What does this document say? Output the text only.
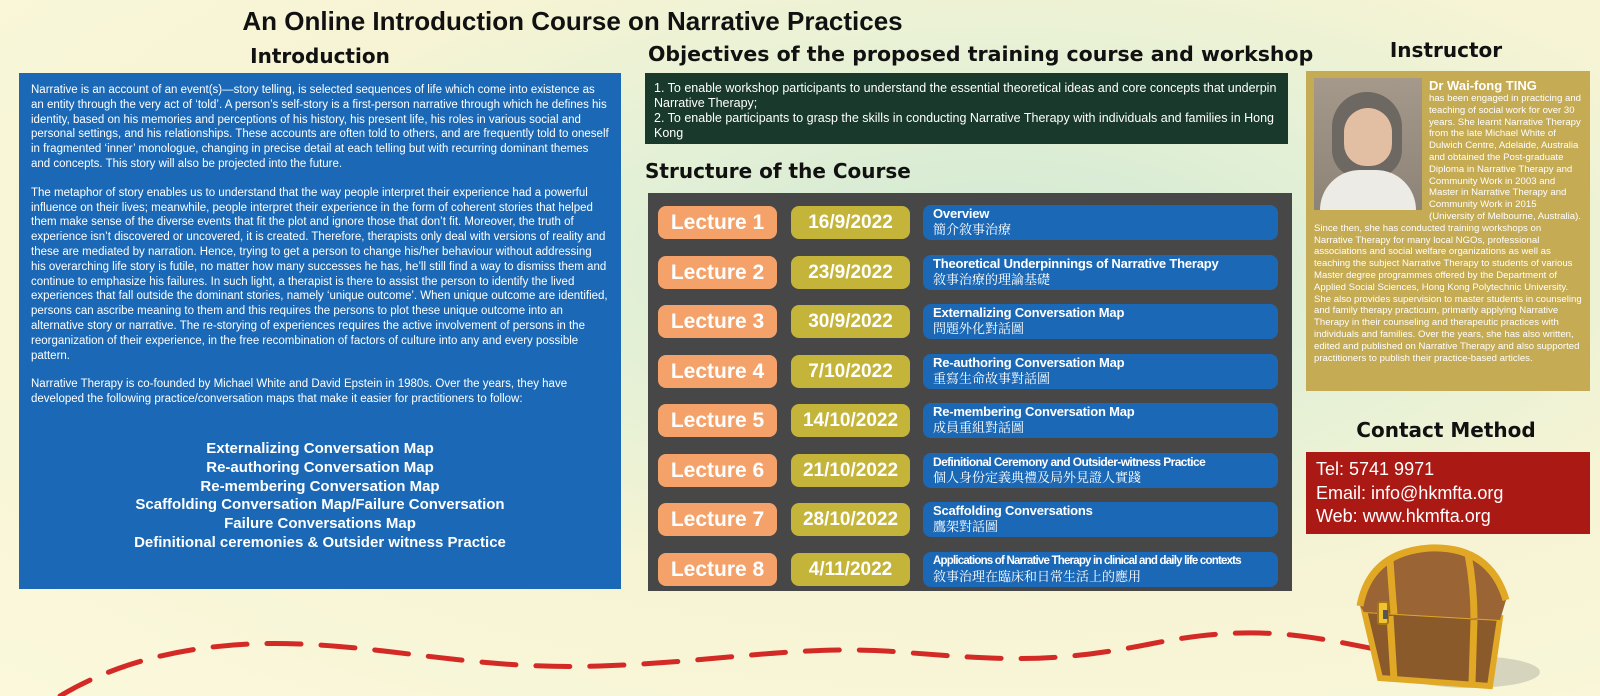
An Online Introduction Course on Narrative Practices
Introduction

Narrative is an account of an event(s)—story telling, is selected sequences of life which come into existence as an entity through the very act of ‘told’. A person’s self-story is a first-person narrative through which he defines his identity, based on his memories and perceptions of his history, his present life, his roles in various social and personal settings, and his relationships. These accounts are often told to others, and are frequently told to oneself in fragmented ‘inner’ monologue, changing in precise detail at each telling but with recurring dominant themes and concepts. This story will also be projected into the future.

The metaphor of story enables us to understand that the way people interpret their experience had a powerful influence on their lives; meanwhile, people interpret their experience in the form of coherent stories that helped them make sense of the diverse events that fit the plot and ignore those that don’t fit. Moreover, the truth of experience isn’t discovered or uncovered, it is created. Therefore, therapists only deal with versions of reality and these are mediated by narration. Hence, trying to get a person to change his/her behaviour without addressing his overarching life story is futile, no matter how many successes he has, he’ll still find a way to dismiss them and continue to emphasize his failures. In such light, a therapist is there to assist the person to identify the lived experiences that fall outside the dominant stories, namely ‘unique outcome’. When unique outcome are identified, persons can ascribe meaning to them and this requires the persons to plot these unique outcome into an alternative story or narrative. The re-storying of experiences requires the active involvement of persons in the reorganization of their experience, in the free recombination of factors of culture into any and every possible pattern.

Narrative Therapy is co-founded by Michael White and David Epstein in 1980s. Over the years, they have developed the following practice/conversation maps that make it easier for practitioners to follow:

Externalizing Conversation Map
Re-authoring Conversation Map
Re-membering Conversation Map
Scaffolding Conversation Map/Failure Conversation
Failure Conversations Map
Definitional ceremonies & Outsider witness Practice
Objectives of the proposed training course and workshop
1. To enable workshop participants to understand the essential theoretical ideas and core concepts that underpin Narrative Therapy;
2. To enable participants to grasp the skills in conducting Narrative Therapy with individuals and families in Hong Kong
Structure of the Course
Lecture 1	16/9/2022	Overview
簡介敘事治療
Lecture 2	23/9/2022	Theoretical Underpinnings of Narrative Therapy
敘事治療的理論基礎
Lecture 3	30/9/2022	Externalizing Conversation Map
問題外化對話圖
Lecture 4	7/10/2022	Re-authoring Conversation Map
重寫生命故事對話圖
Lecture 5	14/10/2022	Re-membering Conversation Map
成員重組對話圖
Lecture 6	21/10/2022	Definitional Ceremony and Outsider-witness Practice
個人身份定義典禮及局外見證人實踐
Lecture 7	28/10/2022	Scaffolding Conversations
鷹架對話圖
Lecture 8	4/11/2022	Applications of Narrative Therapy in clinical and daily life contexts
敘事治理在臨床和日常生活上的應用
Instructor
Dr Wai-fong TING
has been engaged in practicing and teaching of social work for over 30 years. She learnt Narrative Therapy from the late Michael White of Dulwich Centre, Adelaide, Australia and obtained the Post-graduate Diploma in Narrative Therapy and Community Work in 2003 and Master in Narrative Therapy and Community Work in 2015 (University of Melbourne, Australia). Since then, she has conducted training workshops on Narrative Therapy for many local NGOs, professional associations and social welfare organizations as well as teaching the subject Narrative Therapy to students of various Master degree programmes offered by the Department of Applied Social Sciences, Hong Kong Polytechnic University. She also provides supervision to master students in counseling and family therapy practicum, primarily applying Narrative Therapy in their counseling and therapeutic practices with individuals and families. Over the years, she has also written, edited and published on Narrative Therapy and also supported practitioners to publish their practice-based articles.
Contact Method
Tel: 5741 9971
Email: info@hkmfta.org
Web: www.hkmfta.org
